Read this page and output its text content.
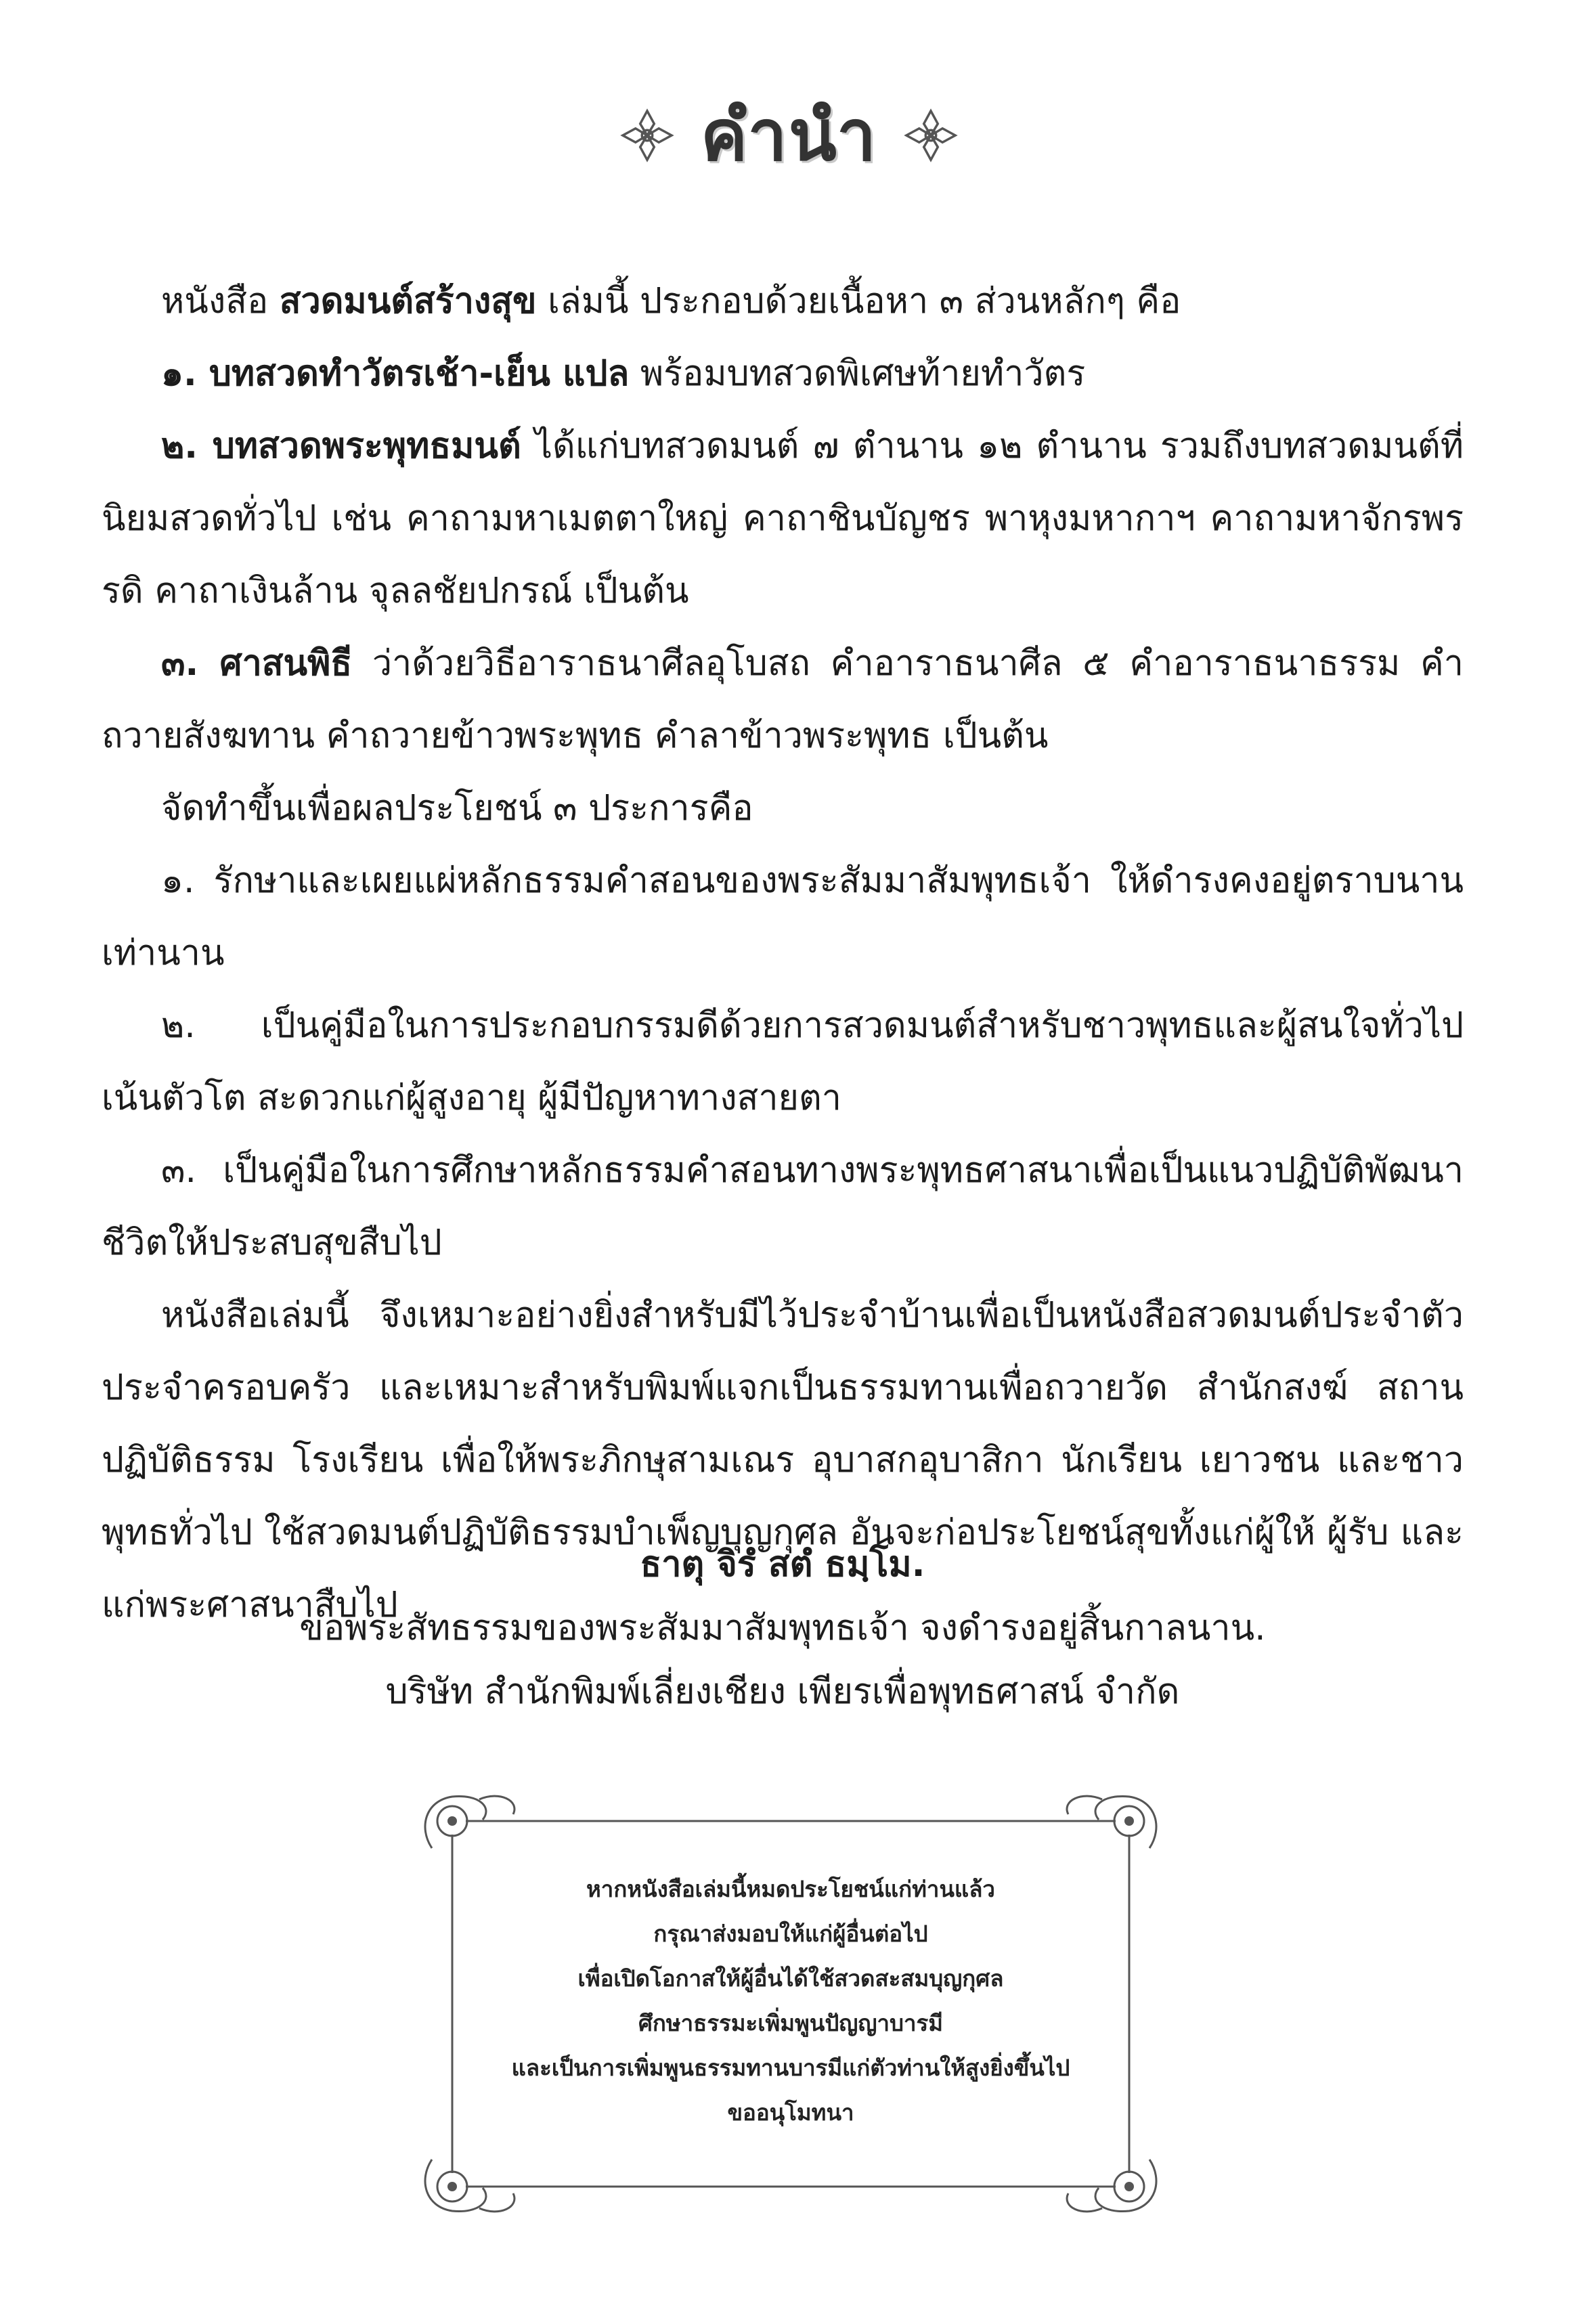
คำนำ

หนังสือ สวดมนต์สร้างสุข เล่มนี้ ประกอบด้วยเนื้อหา ๓ ส่วนหลักๆ คือ

๑. บทสวดทำวัตรเช้า-เย็น แปล พร้อมบทสวดพิเศษท้ายทำวัตร

๒. บทสวดพระพุทธมนต์ ได้แก่บทสวดมนต์ ๗ ตำนาน ๑๒ ตำนาน รวมถึงบทสวดมนต์ที่นิยมสวดทั่วไป เช่น คาถามหาเมตตาใหญ่ คาถาชินบัญชร พาหุงมหากาฯ คาถามหาจักรพรรดิ คาถาเงินล้าน จุลลชัยปกรณ์ เป็นต้น

๓. ศาสนพิธี ว่าด้วยวิธีอาราธนาศีลอุโบสถ คำอาราธนาศีล ๕ คำอาราธนาธรรม คำถวายสังฆทาน คำถวายข้าวพระพุทธ คำลาข้าวพระพุทธ เป็นต้น

จัดทำขึ้นเพื่อผลประโยชน์ ๓ ประการคือ

๑. รักษาและเผยแผ่หลักธรรมคำสอนของพระสัมมาสัมพุทธเจ้า ให้ดำรงคงอยู่ตราบนานเท่านาน

๒. เป็นคู่มือในการประกอบกรรมดีด้วยการสวดมนต์สำหรับชาวพุทธและผู้สนใจทั่วไป เน้นตัวโต สะดวกแก่ผู้สูงอายุ ผู้มีปัญหาทางสายตา

๓. เป็นคู่มือในการศึกษาหลักธรรมคำสอนทางพระพุทธศาสนาเพื่อเป็นแนวปฏิบัติพัฒนาชีวิตให้ประสบสุขสืบไป

หนังสือเล่มนี้ จึงเหมาะอย่างยิ่งสำหรับมีไว้ประจำบ้านเพื่อเป็นหนังสือสวดมนต์ประจำตัว ประจำครอบครัว และเหมาะสำหรับพิมพ์แจกเป็นธรรมทานเพื่อถวายวัด สำนักสงฆ์ สถานปฏิบัติธรรม โรงเรียน เพื่อให้พระภิกษุสามเณร อุบาสกอุบาสิกา นักเรียน เยาวชน และชาวพุทธทั่วไป ใช้สวดมนต์ปฏิบัติธรรมบำเพ็ญบุญกุศล อันจะก่อประโยชน์สุขทั้งแก่ผู้ให้ ผู้รับ และแก่พระศาสนาสืบไป

ธาตุ จิรํ สตํ ธมฺโม.
ขอพระสัทธรรมของพระสัมมาสัมพุทธเจ้า จงดำรงอยู่สิ้นกาลนาน.
บริษัท สำนักพิมพ์เลี่ยงเชียง เพียรเพื่อพุทธศาสน์ จำกัด
หากหนังสือเล่มนี้หมดประโยชน์แก่ท่านแล้ว
กรุณาส่งมอบให้แก่ผู้อื่นต่อไป
เพื่อเปิดโอกาสให้ผู้อื่นได้ใช้สวดสะสมบุญกุศล
ศึกษาธรรมะเพิ่มพูนปัญญาบารมี
และเป็นการเพิ่มพูนธรรมทานบารมีแก่ตัวท่านให้สูงยิ่งขึ้นไป
ขออนุโมทนา
